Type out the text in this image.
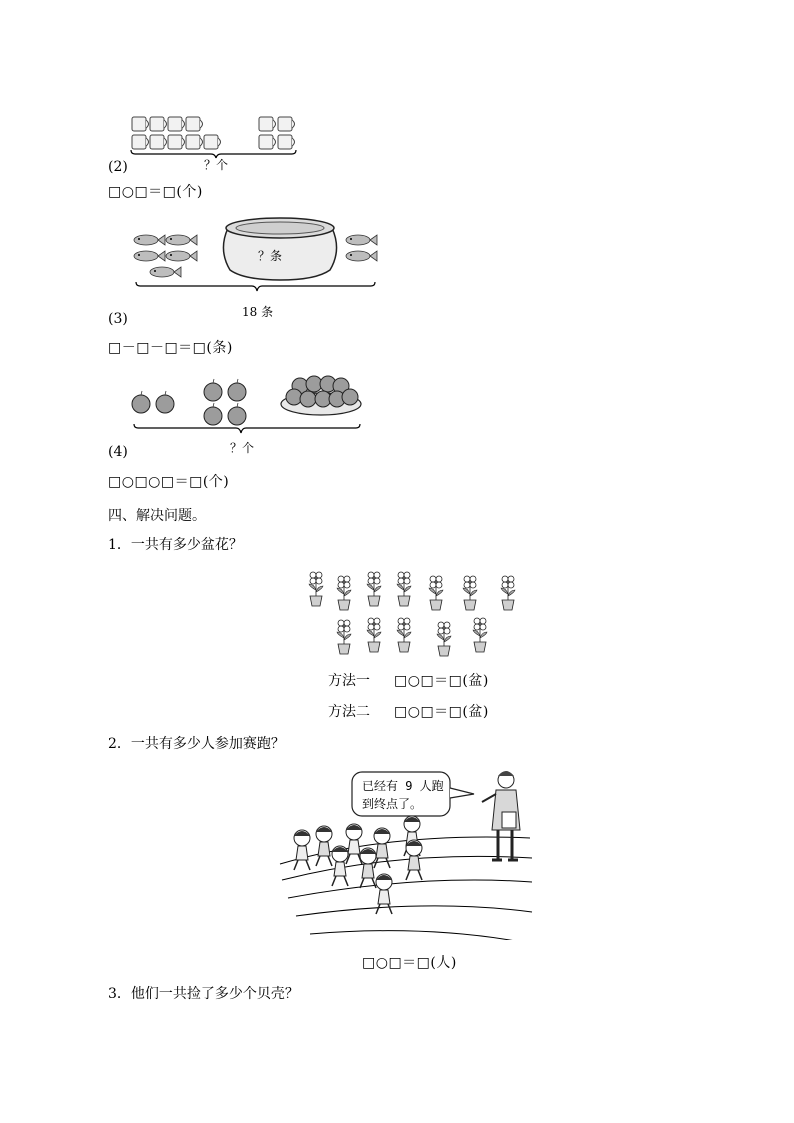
？个
(2)
□○□＝□(个)
？条
18 条
(3)
□－□－□＝□(条)
？个
(4)
□○□○□＝□(个)
四、解决问题。
1．一共有多少盆花？
方法一 □○□＝□(盆)
方法二 □○□＝□(盆)
2．一共有多少人参加赛跑？
已经有 9 人跑
到终点了。
□○□＝□(人)
3．他们一共捡了多少个贝壳？
